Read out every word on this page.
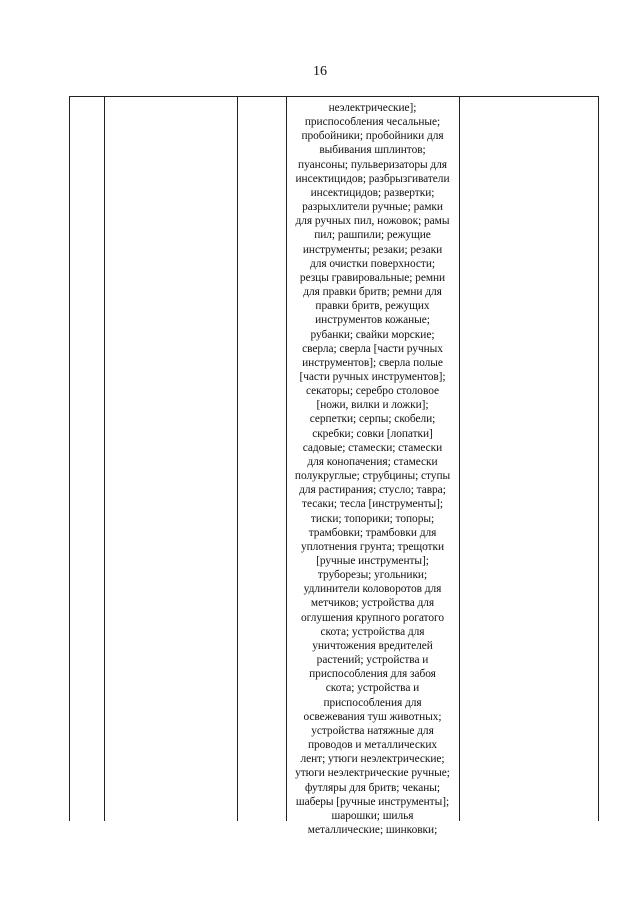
16
неэлектрические];
приспособления чесальные;
пробойники; пробойники для
выбивания шплинтов;
пуансоны; пульверизаторы для
инсектицидов; разбрызгиватели
инсектицидов; развертки;
разрыхлители ручные; рамки
для ручных пил, ножовок; рамы
пил; рашпили; режущие
инструменты; резаки; резаки
для очистки поверхности;
резцы гравировальные; ремни
для правки бритв; ремни для
правки бритв, режущих
инструментов кожаные;
рубанки; свайки морские;
сверла; сверла [части ручных
инструментов]; сверла полые
[части ручных инструментов];
секаторы; серебро столовое
[ножи, вилки и ложки];
серпетки; серпы; скобели;
скребки; совки [лопатки]
садовые; стамески; стамески
для конопачения; стамески
полукруглые; струбцины; ступы
для растирания; стусло; тавра;
тесаки; тесла [инструменты];
тиски; топорики; топоры;
трамбовки; трамбовки для
уплотнения грунта; трещотки
[ручные инструменты];
труборезы; угольники;
удлинители коловоротов для
метчиков; устройства для
оглушения крупного рогатого
скота; устройства для
уничтожения вредителей
растений; устройства и
приспособления для забоя
скота; устройства и
приспособления для
освежевания туш животных;
устройства натяжные для
проводов и металлических
лент; утюги неэлектрические;
утюги неэлектрические ручные;
футляры для бритв; чеканы;
шаберы [ручные инструменты];
шарошки; шилья
металлические; шинковки;
